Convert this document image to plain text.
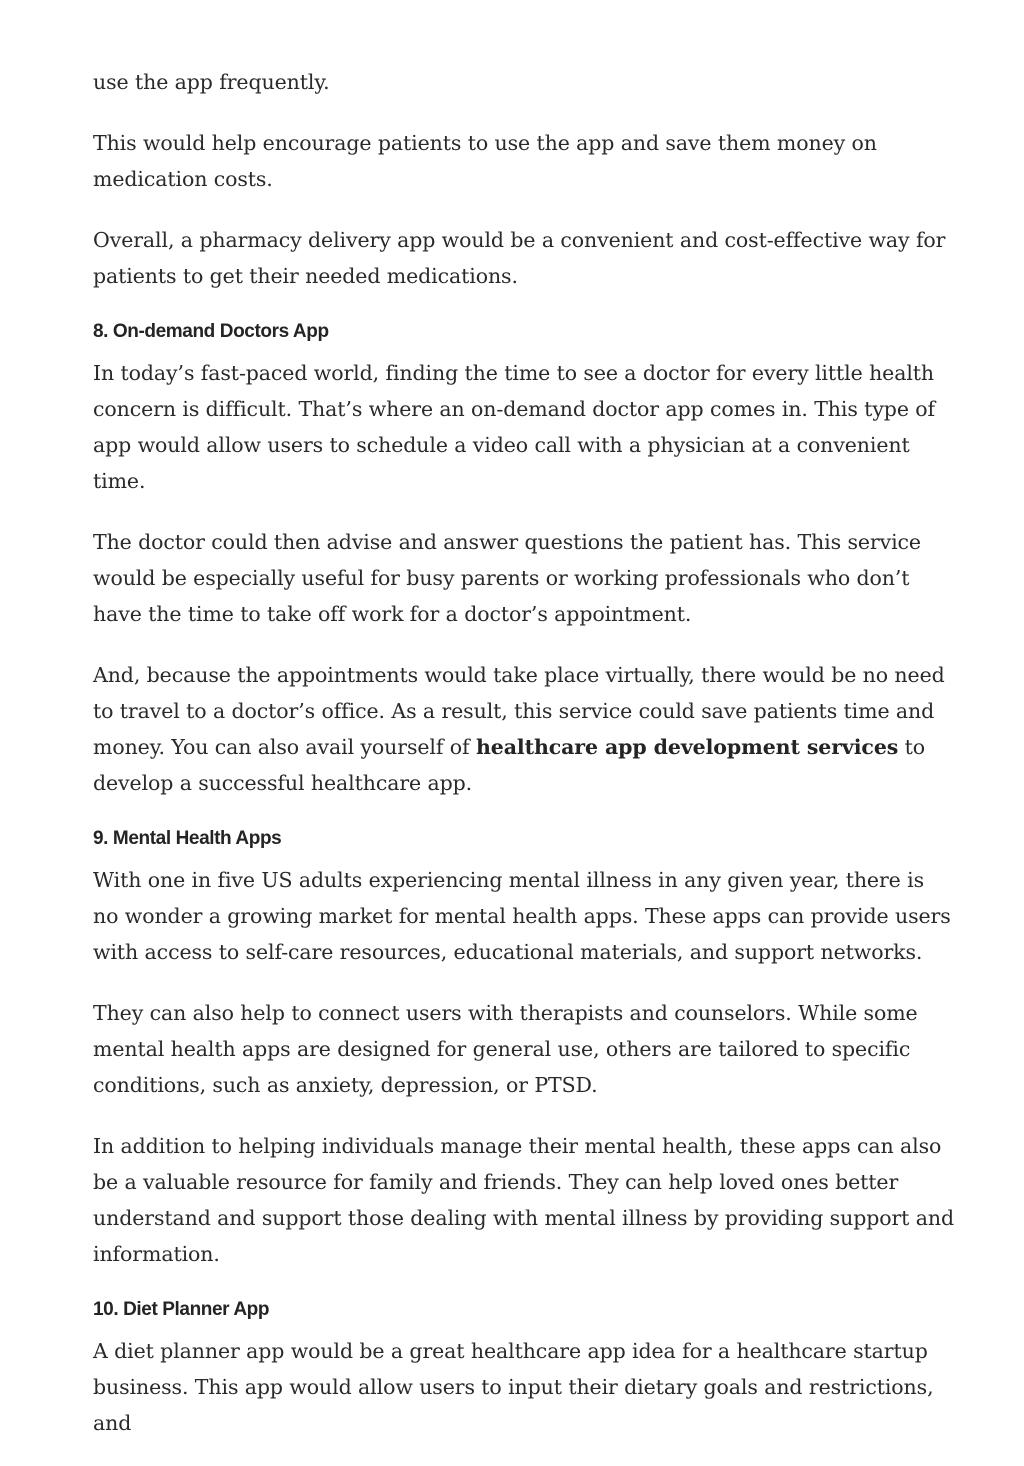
use the app frequently.

This would help encourage patients to use the app and save them money on medication costs.

Overall, a pharmacy delivery app would be a convenient and cost-effective way for patients to get their needed medications.

8. On-demand Doctors App

In today’s fast-paced world, finding the time to see a doctor for every little health concern is difficult. That’s where an on-demand doctor app comes in. This type of app would allow users to schedule a video call with a physician at a convenient time.

The doctor could then advise and answer questions the patient has. This service would be especially useful for busy parents or working professionals who don’t have the time to take off work for a doctor’s appointment.

And, because the appointments would take place virtually, there would be no need to travel to a doctor’s office. As a result, this service could save patients time and money. You can also avail yourself of healthcare app development services to develop a successful healthcare app.

9. Mental Health Apps

With one in five US adults experiencing mental illness in any given year, there is no wonder a growing market for mental health apps. These apps can provide users with access to self-care resources, educational materials, and support networks.

They can also help to connect users with therapists and counselors. While some mental health apps are designed for general use, others are tailored to specific conditions, such as anxiety, depression, or PTSD.

In addition to helping individuals manage their mental health, these apps can also be a valuable resource for family and friends. They can help loved ones better understand and support those dealing with mental illness by providing support and information.

10. Diet Planner App

A diet planner app would be a great healthcare app idea for a healthcare startup business. This app would allow users to input their dietary goals and restrictions, and
